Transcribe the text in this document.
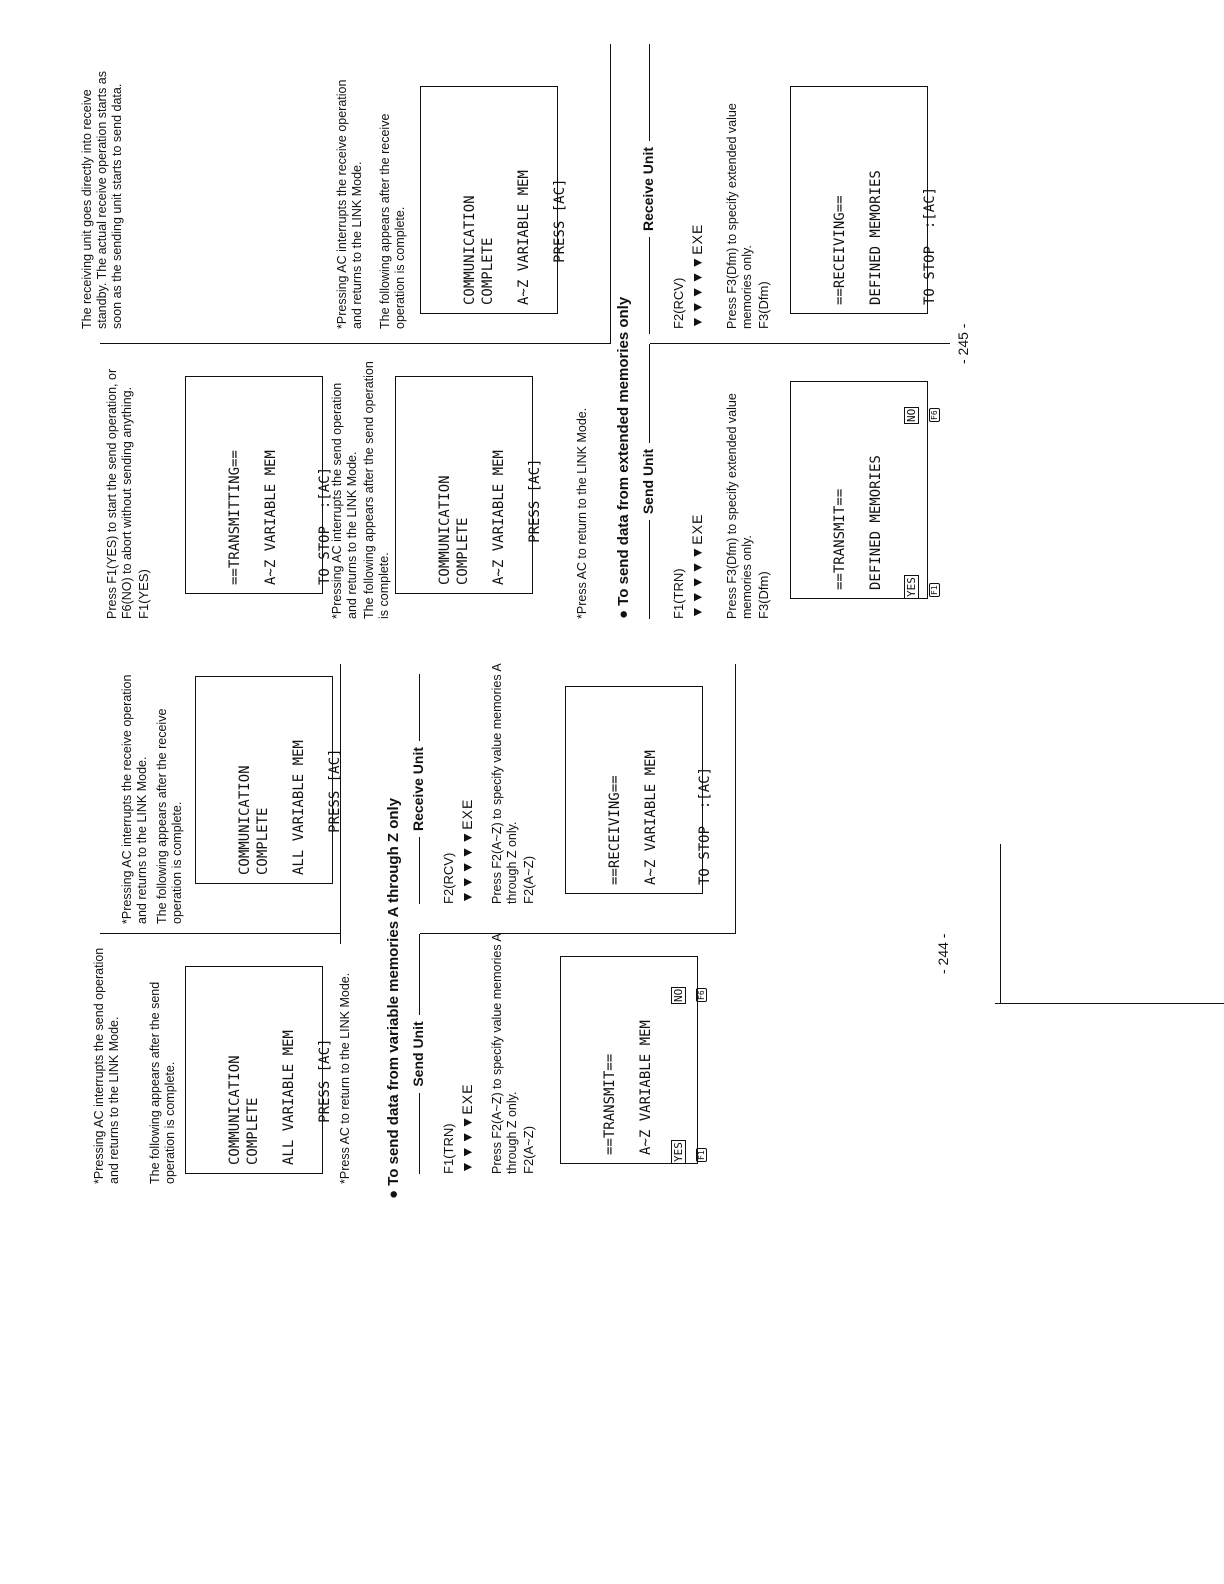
*Pressing AC interrupts the send operation and returns to the LINK Mode. The following appears after the send operation is complete.

	COMMUNICATION COMPLETE ALL VARIABLE MEM PRESS [AC]

*Press AC to return to the LINK Mode.

*Pressing AC interrupts the receive operation and returns to the LINK Mode. The following appears after the receive operation is complete.

	COMMUNICATION COMPLETE ALL VARIABLE MEM PRESS [AC]

	● To send data from variable memories A through Z only Send Unit
Receive Unit

F1(TRN) ▼▼▼▼EXE Press F2(A~Z) to specify value memories A through Z only. F2(A~Z)

	==TRANSMIT== A~Z VARIABLE MEM

YES
NO
F1
F6

F2(RCV) ▼▼▼▼▼EXE Press F2(A~Z) to specify value memories A through Z only. F2(A~Z)

	==RECEIVING== A~Z VARIABLE MEM	TO STOP  :[AC]

- 244 -

Press F1(YES) to start the send operation, or F6(NO) to abort without sending anything. F1(YES)

==TRANSMITTING== A~Z VARIABLE MEM	TO STOP  :[AC]

*Pressing AC interrupts the send operation and returns to the LINK Mode. The following appears after the send operation is complete.

COMMUNICATION COMPLETE A~Z VARIABLE MEM PRESS [AC]

	*Press AC to return to the LINK Mode.

The receiving unit goes directly into receive standby. The actual receive operation starts as soon as the sending unit starts to send data.	*Pressing AC interrupts the receive operation and returns to the LINK Mode. The following appears after the receive operation is complete.

	COMMUNICATION COMPLETE A~Z VARIABLE MEM PRESS [AC]

● To send data from extended memories only Send Unit
Receive Unit

F1(TRN) ▼▼▼▼▼EXE Press F3(Dfm) to specify extended value memories only. F3(Dfm)

==TRANSMIT== DEFINED MEMORIES

YES
NO
F1
F6

F2(RCV) ▼▼▼▼▼EXE Press F3(Dfm) to specify extended value memories only. F3(Dfm)

==RECEIVING== DEFINED MEMORIES	TO STOP  :[AC]

- 245 -
